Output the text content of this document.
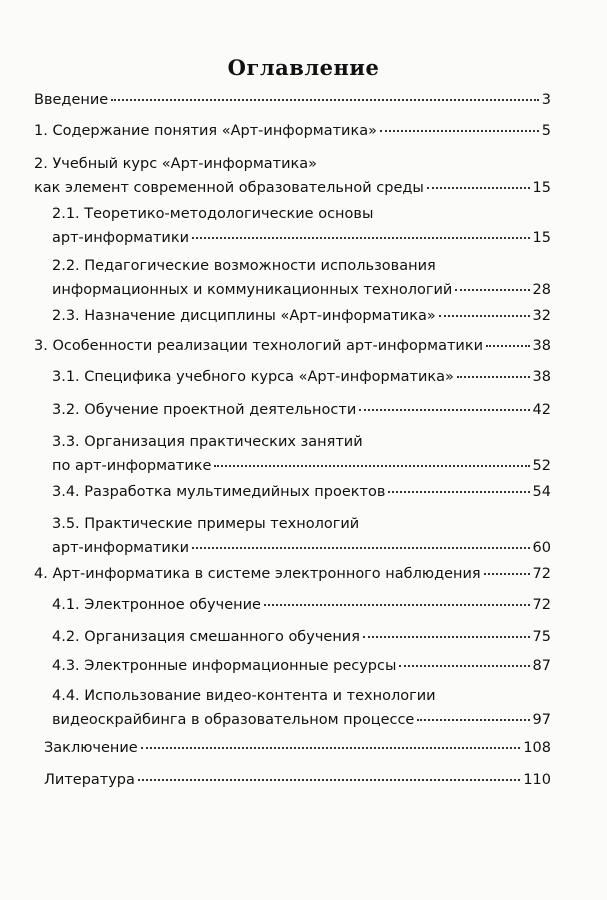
Оглавление
Введение	3
1. Содержание понятия «Арт-информатика»	5
2. Учебный курс «Арт-информатика»
как элемент современной образовательной среды	15
2.1. Теоретико-методологические основы
арт-информатики	15
2.2. Педагогические возможности использования
информационных и коммуникационных технологий	28
2.3. Назначение дисциплины «Арт-информатика»	32
3. Особенности реализации технологий арт-информатики	38
3.1. Специфика учебного курса «Арт-информатика»	38
3.2. Обучение проектной деятельности	42
3.3. Организация практических занятий
по арт-информатике	52
3.4. Разработка мультимедийных проектов	54
3.5. Практические примеры технологий
арт-информатики	60
4. Арт-информатика в системе электронного наблюдения	72
4.1. Электронное обучение	72
4.2. Организация смешанного обучения	75
4.3. Электронные информационные ресурсы	87
4.4. Использование видео-контента и технологии
видеоскрайбинга в образовательном процессе	97
Заключение	108
Литература	110
